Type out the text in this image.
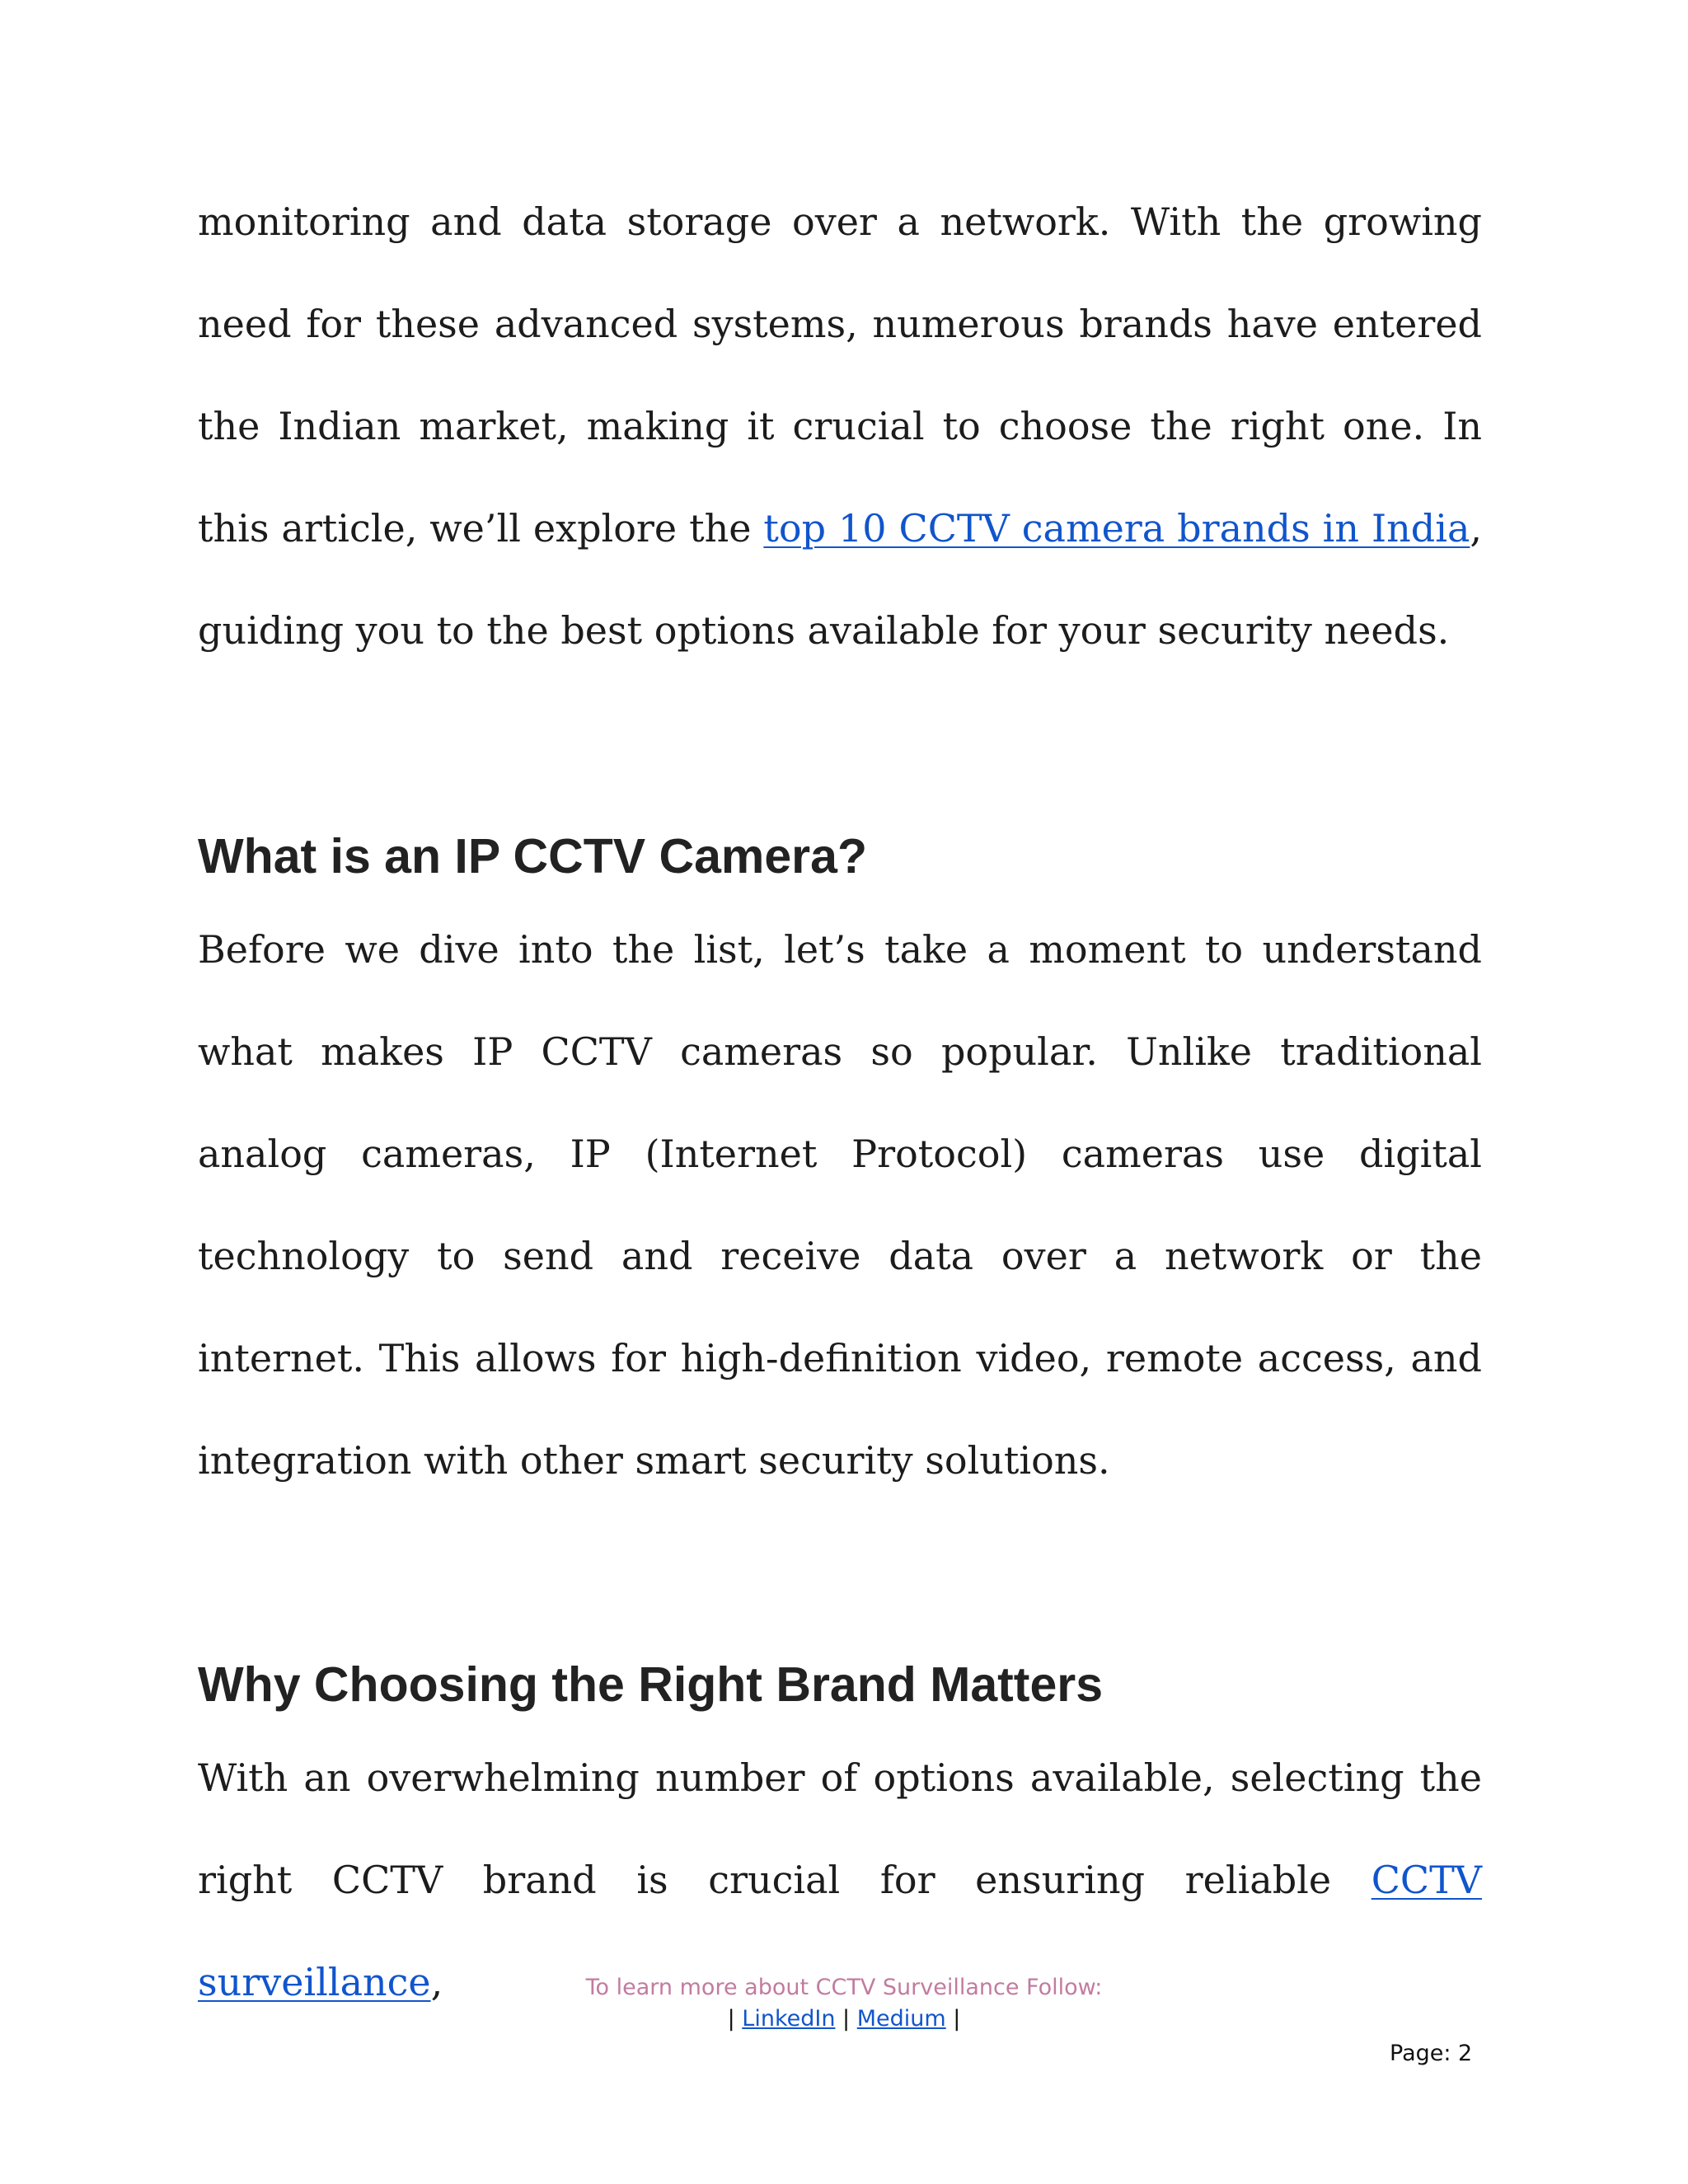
monitoring and data storage over a network. With the growing need for these advanced systems, numerous brands have entered the Indian market, making it crucial to choose the right one. In this article, we’ll explore the top 10 CCTV camera brands in India, guiding you to the best options available for your security needs.

What is an IP CCTV Camera?

Before we dive into the list, let’s take a moment to understand what makes IP CCTV cameras so popular. Unlike traditional analog cameras, IP (Internet Protocol) cameras use digital technology to send and receive data over a network or the internet. This allows for high-definition video, remote access, and integration with other smart security solutions.

Why Choosing the Right Brand Matters

With an overwhelming number of options available, selecting the right CCTV brand is crucial for ensuring reliable CCTV surveillance,	To learn more about CCTV Surveillance Follow:
| LinkedIn | Medium |
Page: 2
